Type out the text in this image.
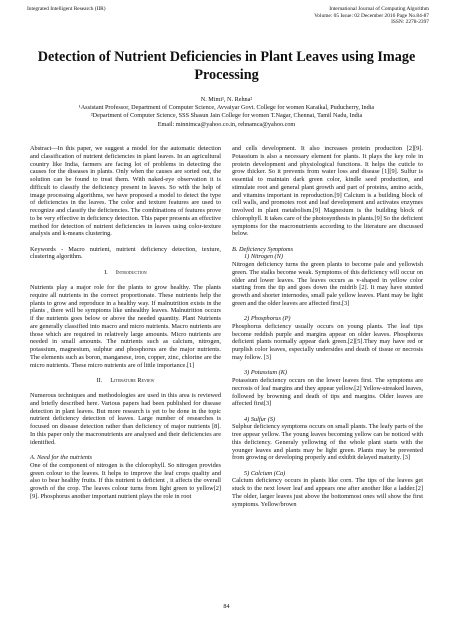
Integrated Intelligent Research (IIR)	International Journal of Computing Algorithm
Volume: 05 Issue: 02 December 2016 Page No.84-87
ISSN: 2278-2397
Detection of Nutrient Deficiencies in Plant Leaves using Image Processing

N. Mimi¹, N. Rehna²

¹Assistant Professor, Department of Computer Science, Avvaiyar Govt. College for women Karaikal, Puducherry, India

²Department of Computer Science, SSS Shasun Jain College for women T.Nagar, Chennai, Tamil Nadu, India

Email: minnimca@yahoo.co.in, rehnamca@yahoo.com

Abstract—In this paper, we suggest a model for the automatic detection and classification of nutrient deficiencies in plant leaves. In an agricultural country like India, farmers are facing lot of problems in detecting the causes for the diseases in plants. Only when the causes are sorted out, the solution can be found to treat them. With naked-eye observation it is difficult to classify the deficiency present in leaves. So with the help of image processing algorithms, we have proposed a model to detect the type of deficiencies in the leaves. The color and texture features are used to recognize and classify the deficiencies. The combinations of features prove to be very effective in deficiency detection. This paper presents an effective method for detection of nutrient deficiencies in leaves using color-texture analysis and k-means clustering.

Keywords - Macro nutrient, nutrient deficiency detection, texture, clustering algorithm.

I. Introduction

Nutrients play a major role for the plants to grow healthy. The plants require all nutrients in the correct proportionate. These nutrients help the plants to grow and reproduce in a healthy way. If malnutrition exists in the plants , there will be symptoms like unhealthy leaves. Malnutrition occurs if the nutrients goes below or above the needed quantity. Plant Nutrients are generally classified into macro and micro nutrients. Macro nutrients are those which are required in relatively large amounts. Micro nutrients are needed in small amounts. The nutrients such as calcium, nitrogen, potassium, magnesium, sulphur and phosphorus are the major nutrients. The elements such as boron, manganese, iron, copper, zinc, chlorine are the micro nutrients. These micro nutrients are of little importance.[1]

II. Literature Review

Numerous techniques and methodologies are used in this area is reviewed and briefly described here. Various papers had been published for disease detection in plant leaves. But more research is yet to be done in the topic nutrient deficiency detection of leaves. Large number of researches is focused on disease detection rather than deficiency of major nutrients [8]. In this paper only the macronutrients are analysed and their deficiencies are identified.

A. Need for the nutrients

One of the component of nitrogen is the chlorophyll. So nitrogen provides green colour to the leaves. It helps to improve the leaf crops quality and also to bear healthy fruits. If this nutrient is deficient , it affects the overall growth of the crop. The leaves colour turns from light green to yellow[2][9]. Phosphorus another important nutrient plays the role in root

and cells development. It also increases protein production [2][9]. Potassium is also a necessary element for plants. It plays the key role in protein development and physiological functions. It helps the cuticle to grow thicker. So it prevents from water loss and disease [1][9]. Sulfur is essential to maintain dark green color, kindle seed production, and stimulate root and general plant growth and part of proteins, amino acids, and vitamins important in reproduction.[9] Calcium is a building block of cell walls, and promotes root and leaf development and activates enzymes involved in plant metabolism.[9] Magnesium is the building block of chlorophyll. It takes care of the photosynthesis in plants.[9] So the deficient symptoms for the macronutrients according to the literature are discussed below.

B. Deficiency Symptoms

1) Nitrogen (N)

Nitrogen deficiency turns the green plants to become pale and yellowish green. The stalks become weak. Symptoms of this deficiency will occur on older and lower leaves. The leaves occurs as v-shaped in yellow color starting from the tip and goes down the midrib [2]. It may have stunted growth and shorter internodes, small pale yellow leaves. Plant may be light green and the older leaves are affected first.[3]

2) Phosphorus (P)

Phosphorus deficiency usually occurs on young plants. The leaf tips become reddish purple and margins appear on older leaves. Phosphorus deficient plants normally appear dark green.[2][5].They may have red or purplish color leaves, especially undersides and death of tissue or necrosis may follow. [3]

3) Potassium (K)

Potassium deficiency occurs on the lower leaves first. The symptoms are necrosis of leaf margins and they appear yellow.[2] Yellow-streaked leaves, followed by browning and death of tips and margins. Older leaves are affected first[3]

4) Sulfur (S)

Sulphur deficiency symptoms occurs on small plants. The leafy parts of the tree appear yellow. The young leaves becoming yellow can be noticed with this deficiency. Generaly yellowing of the whole plant starts with the younger leaves and plants may be light green. Plants may be prevented from growing or developing properly and exhibit delayed maturity. [3]

5) Calcium (Ca)

Calcium deficiency occurs in plants like corn. The tips of the leaves get stuck to the next lower leaf and appears one after another like a ladder.[2] The older, larger leaves just above the bottommost ones will show the first symptoms. Yellow/brown

84
